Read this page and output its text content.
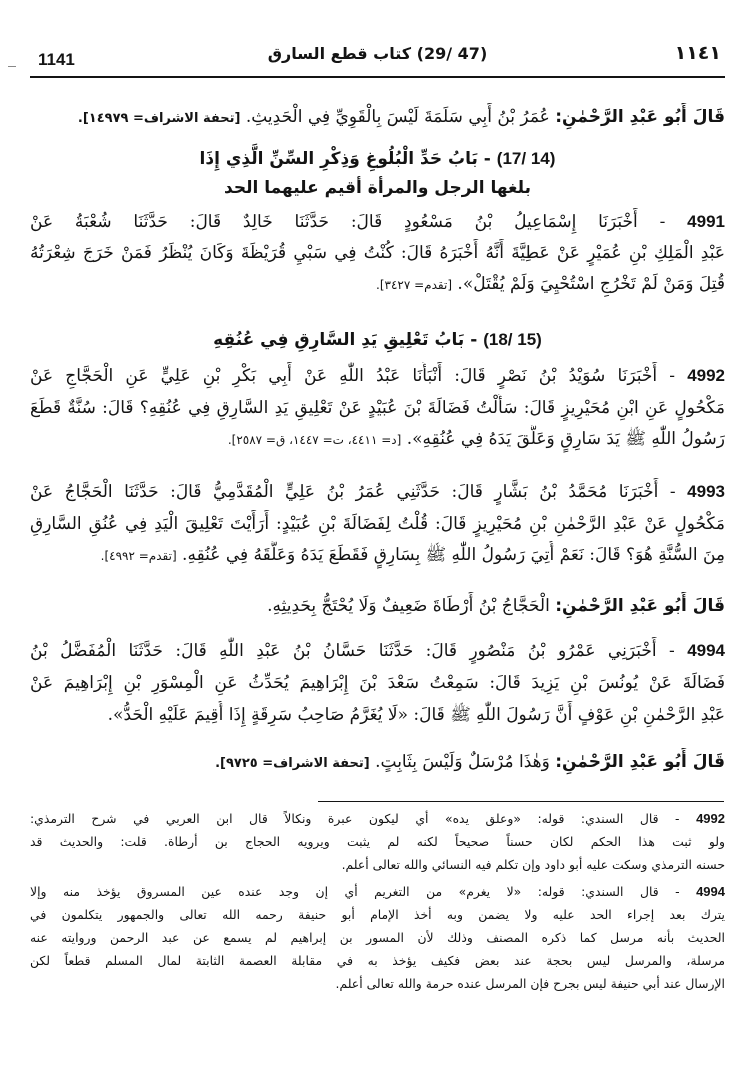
1141	(47 /29) كتاب قطع السارق	١١٤١
قَالَ أَبُو عَبْدِ الرَّحْمٰنِ: عُمَرُ بْنُ أَبِي سَلَمَةَ لَيْسَ بِالْقَوِيِّ فِي الْحَدِيثِ. [تحفة الاشراف= ١٤٩٧٩].
(14 /17) - بَابُ حَدِّ الْبُلُوغِ وَذِكْرِ السِّنِّ الَّذِي إِذَا
بلغها الرجل والمرأة أقيم عليهما الحد
4991 - أَخْبَرَنَا إِسْمَاعِيلُ بْنُ مَسْعُودٍ قَالَ: حَدَّثَنَا خَالِدٌ قَالَ: حَدَّثَنَا شُعْبَةُ عَنْ
عَبْدِ الْمَلِكِ بْنِ عُمَيْرٍ عَنْ عَطِيَّةَ أَنَّهُ أَخْبَرَهُ قَالَ: كُنْتُ فِي سَبْيِ قُرَيْظَةَ وَكَانَ يُنْظَرُ فَمَنْ خَرَجَ شِعْرَتُهُ
قُتِلَ وَمَنْ لَمْ تَخْرُجِ اسْتُحْيِيَ وَلَمْ يُقْتَلْ». [تقدم= ٣٤٢٧].
(15 /18) - بَابُ تَعْلِيقِ يَدِ السَّارِقِ فِي عُنُقِهِ
4992 - أَخْبَرَنَا سُوَيْدُ بْنُ نَصْرٍ قَالَ: أَنْبَأَنَا عَبْدُ اللّٰهِ عَنْ أَبِي بَكْرِ بْنِ عَلِيٍّ عَنِ الْحَجَّاجِ عَنْ
مَكْحُولٍ عَنِ ابْنِ مُحَيْرِيزٍ قَالَ: سَأَلْتُ فَضَالَةَ بْنَ عُبَيْدٍ عَنْ تَعْلِيقِ يَدِ السَّارِقِ فِي عُنُقِهِ؟ قَالَ: سُنَّةٌ قَطَعَ
رَسُولُ اللّٰهِ ﷺ يَدَ سَارِقٍ وَعَلَّقَ يَدَهُ فِي عُنُقِهِ». [د= ٤٤١١، ت= ١٤٤٧، ق= ٢٥٨٧].
4993 - أَخْبَرَنَا مُحَمَّدُ بْنُ بَشَّارٍ قَالَ: حَدَّثَنِي عُمَرُ بْنُ عَلِيٍّ الْمُقَدَّمِيُّ قَالَ: حَدَّثَنَا الْحَجَّاجُ عَنْ
مَكْحُولٍ عَنْ عَبْدِ الرَّحْمٰنِ بْنِ مُحَيْرِيزٍ قَالَ: قُلْتُ لِفَضَالَةَ بْنِ عُبَيْدٍ: أَرَأَيْتَ تَعْلِيقَ الْيَدِ فِي عُنُقِ السَّارِقِ
مِنَ السُّنَّةِ هُوَ؟ قَالَ: نَعَمْ أُتِيَ رَسُولُ اللّٰهِ ﷺ بِسَارِقٍ فَقَطَعَ يَدَهُ وَعَلَّقَهُ فِي عُنُقِهِ. [تقدم= ٤٩٩٢].
قَالَ أَبُو عَبْدِ الرَّحْمٰنِ: الْحَجَّاجُ بْنُ أَرْطَاةَ ضَعِيفٌ وَلَا يُحْتَجُّ بِحَدِيثِهِ.
4994 - أَخْبَرَنِي عَمْرُو بْنُ مَنْصُورٍ قَالَ: حَدَّثَنَا حَسَّانُ بْنُ عَبْدِ اللّٰهِ قَالَ: حَدَّثَنَا الْمُفَضَّلُ بْنُ
فَضَالَةَ عَنْ يُونُسَ بْنِ يَزِيدَ قَالَ: سَمِعْتُ سَعْدَ بْنَ إِبْرَاهِيمَ يُحَدِّثُ عَنِ الْمِسْوَرِ بْنِ إِبْرَاهِيمَ عَنْ
عَبْدِ الرَّحْمٰنِ بْنِ عَوْفٍ أَنَّ رَسُولَ اللّٰهِ ﷺ قَالَ: «لَا يُغَرَّمُ صَاحِبُ سَرِقَةٍ إِذَا أُقِيمَ عَلَيْهِ الْحَدُّ».
قَالَ أَبُو عَبْدِ الرَّحْمٰنِ: وَهٰذَا مُرْسَلٌ وَلَيْسَ بِثَابِتٍ. [تحفة الاشراف= ٩٧٢٥].
4992 - قال السندي: قوله: «وعلق يده» أي ليكون عبرة ونكالاً قال ابن العربي في شرح الترمذي:
ولو ثبت هذا الحكم لكان حسناً صحيحاً لكنه لم يثبت ويرويه الحجاج بن أرطاة. قلت: والحديث قد
حسنه الترمذي وسكت عليه أبو داود وإن تكلم فيه النسائي والله تعالى أعلم.
4994 - قال السندي: قوله: «لا يغرم» من التغريم أي إن وجد عنده عين المسروق يؤخذ منه وإلا
يترك بعد إجراء الحد عليه ولا يضمن وبه أخذ الإمام أبو حنيفة رحمه الله تعالى والجمهور يتكلمون في
الحديث بأنه مرسل كما ذكره المصنف وذلك لأن المسور بن إبراهيم لم يسمع عن عبد الرحمن وروايته عنه
مرسلة، والمرسل ليس بحجة عند بعض فكيف يؤخذ به في مقابلة العصمة الثابتة لمال المسلم قطعاً لكن
الإرسال عند أبي حنيفة ليس بجرح فإن المرسل عنده حرمة والله تعالى أعلم.
